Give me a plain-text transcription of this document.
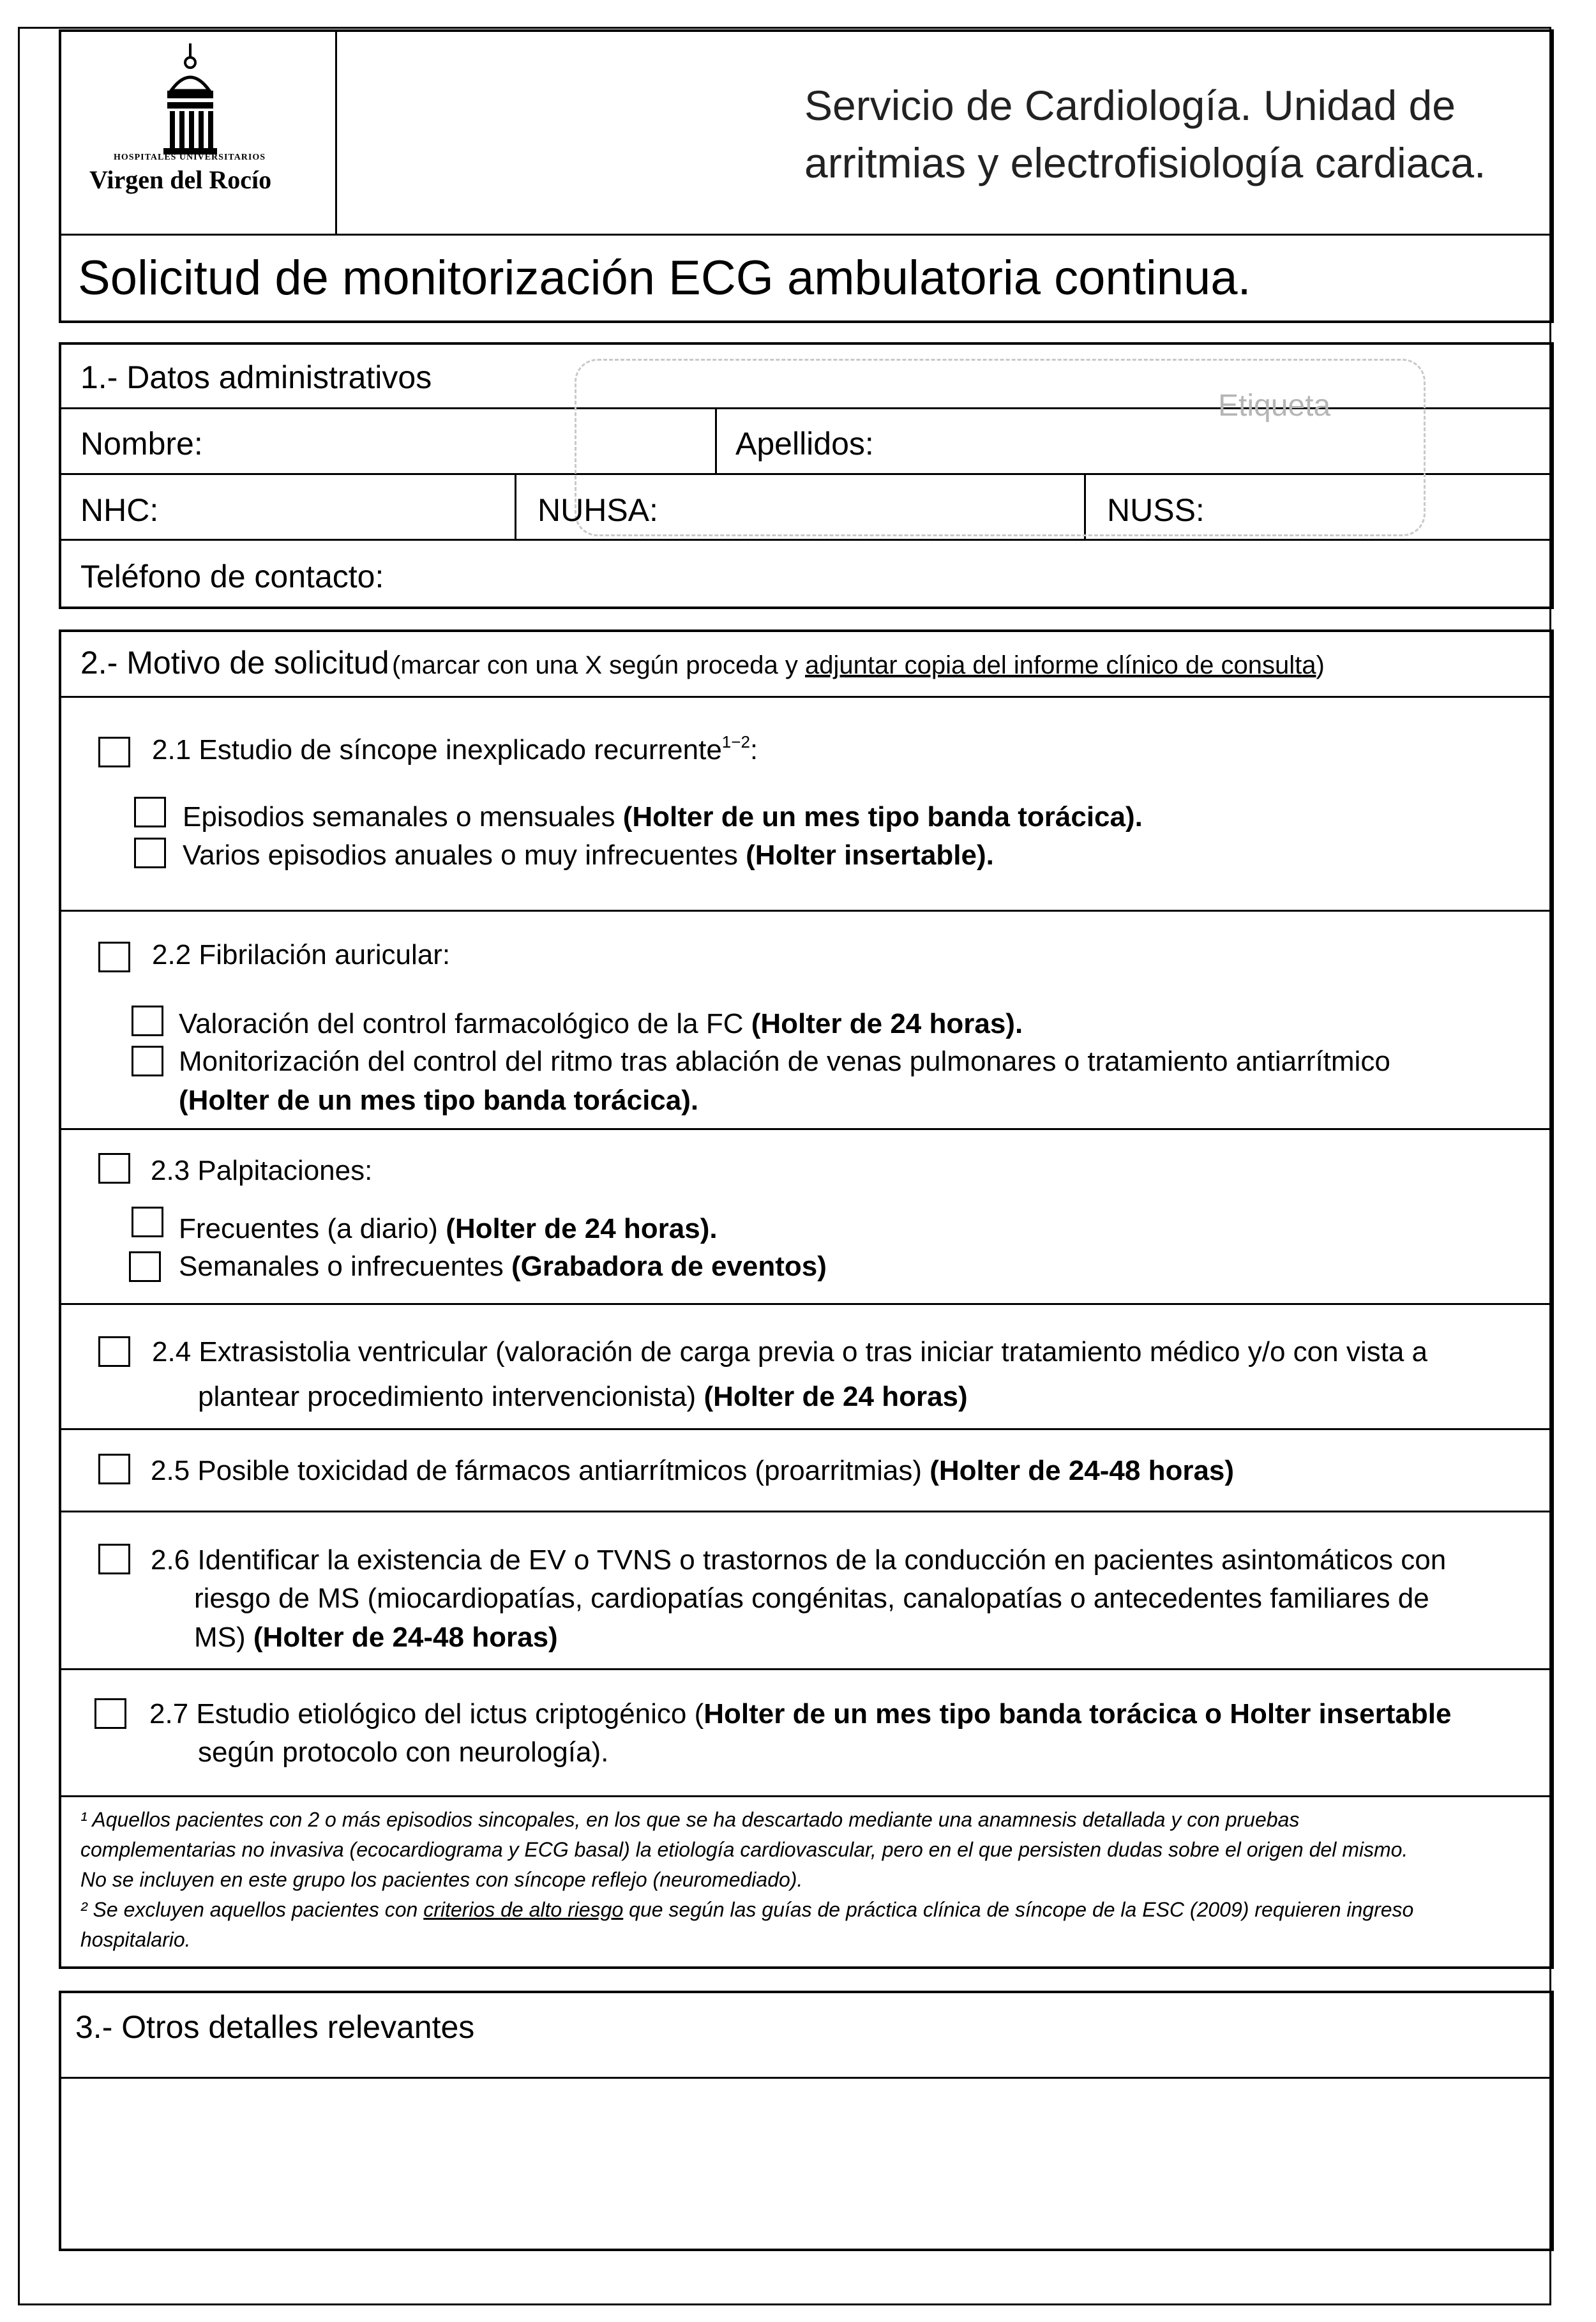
HOSPITALES UNIVERSITARIOS
Virgen del Rocío
Servicio de Cardiología. Unidad de
arritmias y electrofisiología cardiaca.
Solicitud de monitorización ECG ambulatoria continua.
Etiqueta
1.- Datos administrativos
Nombre:	Apellidos:
NHC:	NUHSA:	NUSS:
Teléfono de contacto:
2.- Motivo de solicitud (marcar con una X según proceda y adjuntar copia del informe clínico de consulta)
2.1 Estudio de síncope inexplicado recurrente$^{1-2}$:
Episodios semanales o mensuales (Holter de un mes tipo banda torácica).
Varios episodios anuales o muy infrecuentes (Holter insertable).
2.2 Fibrilación auricular:
Valoración del control farmacológico de la FC (Holter de 24 horas).
Monitorización del control del ritmo tras ablación de venas pulmonares o tratamiento antiarrítmico
(Holter de un mes tipo banda torácica).
2.3 Palpitaciones:
Frecuentes (a diario) (Holter de 24 horas).
Semanales o infrecuentes (Grabadora de eventos)
2.4 Extrasistolia ventricular (valoración de carga previa o tras iniciar tratamiento médico y/o con vista a
plantear procedimiento intervencionista) (Holter de 24 horas)
2.5 Posible toxicidad de fármacos antiarrítmicos (proarritmias) (Holter de 24-48 horas)
2.6 Identificar la existencia de EV o TVNS o trastornos de la conducción en pacientes asintomáticos con
riesgo de MS (miocardiopatías, cardiopatías congénitas, canalopatías o antecedentes familiares de
MS) (Holter de 24-48 horas)
2.7 Estudio etiológico del ictus criptogénico (Holter de un mes tipo banda torácica o Holter insertable
según protocolo con neurología).
¹ Aquellos pacientes con 2 o más episodios sincopales, en los que se ha descartado mediante una anamnesis detallada y con pruebas
complementarias no invasiva (ecocardiograma y ECG basal) la etiología cardiovascular, pero en el que persisten dudas sobre el origen del mismo.
No se incluyen en este grupo los pacientes con síncope reflejo (neuromediado).
² Se excluyen aquellos pacientes con criterios de alto riesgo que según las guías de práctica clínica de síncope de la ESC (2009) requieren ingreso
hospitalario.
3.- Otros detalles relevantes
